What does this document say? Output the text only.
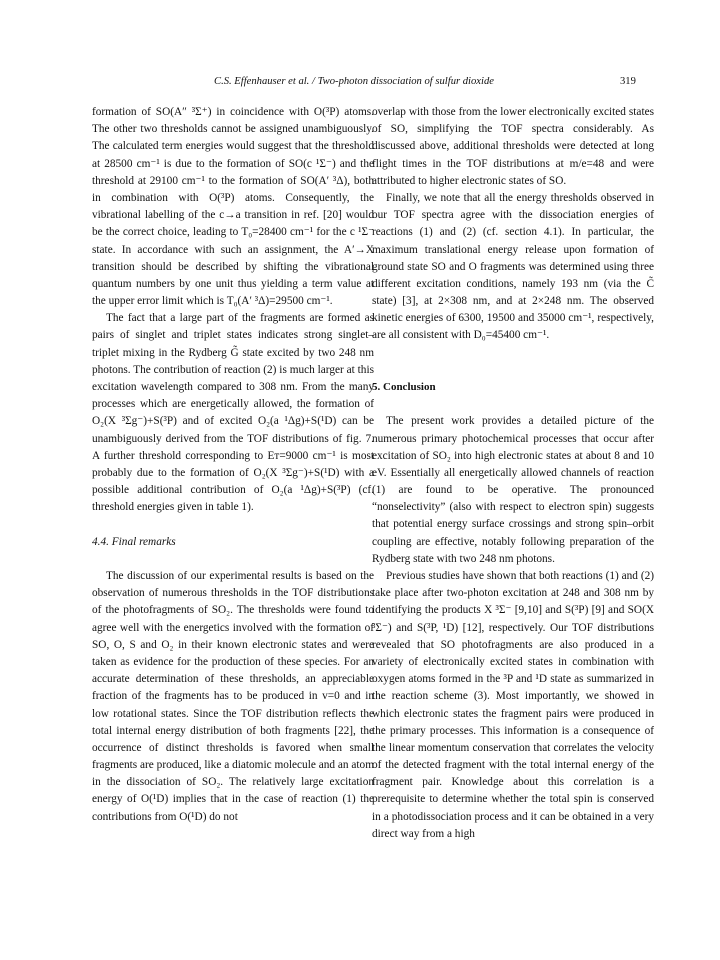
C.S. Effenhauser et al. / Two-photon dissociation of sulfur dioxide	319

formation of SO(A″ ³Σ⁺) in coincidence with O(³P) atoms. The other two thresholds cannot be assigned unambiguously. The calculated term energies would suggest that the threshold at 28500 cm⁻¹ is due to the formation of SO(c ¹Σ⁻) and the threshold at 29100 cm⁻¹ to the formation of SO(A′ ³Δ), both in combination with O(³P) atoms. Consequently, the vibrational labelling of the c→a transition in ref. [20] would be the correct choice, leading to T₀=28400 cm⁻¹ for the c ¹Σ⁻ state. In accordance with such an assignment, the A′→X transition should be described by shifting the vibrational quantum numbers by one unit thus yielding a term value at the upper error limit which is T₀(A′ ³Δ)=29500 cm⁻¹.

The fact that a large part of the fragments are formed as pairs of singlet and triplet states indicates strong singlet–triplet mixing in the Rydberg G̃ state excited by two 248 nm photons. The contribution of reaction (2) is much larger at this excitation wavelength compared to 308 nm. From the many processes which are energetically allowed, the formation of O₂(X ³Σg⁻)+S(³P) and of excited O₂(a ¹Δg)+S(¹D) can be unambiguously derived from the TOF distributions of fig. 7. A further threshold corresponding to Eᴛ=9000 cm⁻¹ is most probably due to the formation of O₂(X ³Σg⁻)+S(¹D) with a possible additional contribution of O₂(a ¹Δg)+S(³P) (cf. threshold energies given in table 1).

4.4. Final remarks

The discussion of our experimental results is based on the observation of numerous thresholds in the TOF distributions of the photofragments of SO₂. The thresholds were found to agree well with the energetics involved with the formation of SO, O, S and O₂ in their known electronic states and were taken as evidence for the production of these species. For an accurate determination of these thresholds, an appreciable fraction of the fragments has to be produced in v=0 and in low rotational states. Since the TOF distribution reflects the total internal energy distribution of both fragments [22], the occurrence of distinct thresholds is favored when small fragments are produced, like a diatomic molecule and an atom in the dissociation of SO₂. The relatively large excitation energy of O(¹D) implies that in the case of reaction (1) the contributions from O(¹D) do not

overlap with those from the lower electronically excited states of SO, simplifying the TOF spectra considerably. As discussed above, additional thresholds were detected at long flight times in the TOF distributions at m/e=48 and were attributed to higher electronic states of SO.

Finally, we note that all the energy thresholds observed in our TOF spectra agree with the dissociation energies of reactions (1) and (2) (cf. section 4.1). In particular, the maximum translational energy release upon formation of ground state SO and O fragments was determined using three different excitation conditions, namely 193 nm (via the C̃ state) [3], at 2×308 nm, and at 2×248 nm. The observed kinetic energies of 6300, 19500 and 35000 cm⁻¹, respectively, are all consistent with D₀=45400 cm⁻¹.

5. Conclusion

The present work provides a detailed picture of the numerous primary photochemical processes that occur after excitation of SO₂ into high electronic states at about 8 and 10 eV. Essentially all energetically allowed channels of reaction (1) are found to be operative. The pronounced “nonselectivity” (also with respect to electron spin) suggests that potential energy surface crossings and strong spin–orbit coupling are effective, notably following preparation of the Rydberg state with two 248 nm photons.

Previous studies have shown that both reactions (1) and (2) take place after two-photon excitation at 248 and 308 nm by identifying the products X ³Σ⁻ [9,10] and S(³P) [9] and SO(X ³Σ⁻) and S(³P, ¹D) [12], respectively. Our TOF distributions revealed that SO photofragments are also produced in a variety of electronically excited states in combination with oxygen atoms formed in the ³P and ¹D state as summarized in the reaction scheme (3). Most importantly, we showed in which electronic states the fragment pairs were produced in the primary processes. This information is a consequence of the linear momentum conservation that correlates the velocity of the detected fragment with the total internal energy of the fragment pair. Knowledge about this correlation is a prerequisite to determine whether the total spin is conserved in a photodissociation process and it can be obtained in a very direct way from a high
